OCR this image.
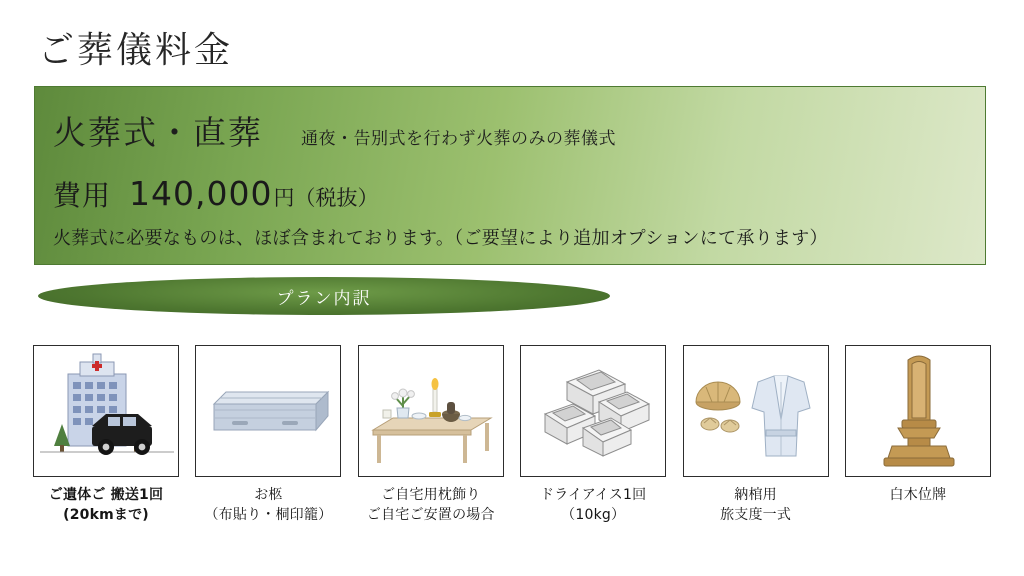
ご葬儀料金
火葬式・直葬 通夜・告別式を行わず火葬のみの葬儀式
費用 140,000 円 （税抜）
火葬式に必要なものは、ほぼ含まれております。（ご要望により追加オプションにて承ります）
プラン内訳
ご遺体ご 搬送1回
(20kmまで)
お柩
（布貼り・桐印籠）
ご自宅用枕飾り
ご自宅ご安置の場合
ドライアイス1回
（10kg）
納棺用
旅支度一式
白木位牌
